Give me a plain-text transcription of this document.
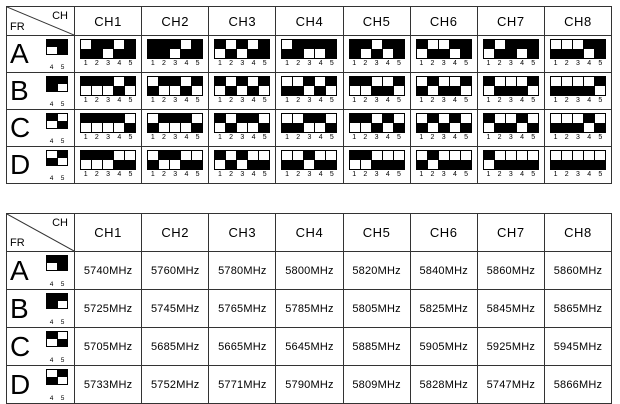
CH
FR	CH1	CH2	CH3	CH4	CH5	CH6	CH7	CH8

A 4 5	1 2 3 4 5	1 2 3 4 5	1 2 3 4 5	1 2 3 4 5	1 2 3 4 5	1 2 3 4 5	1 2 3 4 5	1 2 3 4 5

B 4 5	1 2 3 4 5	1 2 3 4 5	1 2 3 4 5	1 2 3 4 5	1 2 3 4 5	1 2 3 4 5	1 2 3 4 5	1 2 3 4 5

C 4 5	1 2 3 4 5	1 2 3 4 5	1 2 3 4 5	1 2 3 4 5	1 2 3 4 5	1 2 3 4 5	1 2 3 4 5	1 2 3 4 5

D 4 5	1 2 3 4 5	1 2 3 4 5	1 2 3 4 5	1 2 3 4 5	1 2 3 4 5	1 2 3 4 5	1 2 3 4 5	1 2 3 4 5
CH
FR	CH1	CH2	CH3	CH4	CH5	CH6	CH7	CH8

A 4 5	5740MHz	5760MHz	5780MHz	5800MHz	5820MHz	5840MHz	5860MHz	5860MHz

B 4 5	5725MHz	5745MHz	5765MHz	5785MHz	5805MHz	5825MHz	5845MHz	5865MHz

C 4 5	5705MHz	5685MHz	5665MHz	5645MHz	5885MHz	5905MHz	5925MHz	5945MHz

D 4 5	5733MHz	5752MHz	5771MHz	5790MHz	5809MHz	5828MHz	5747MHz	5866MHz
